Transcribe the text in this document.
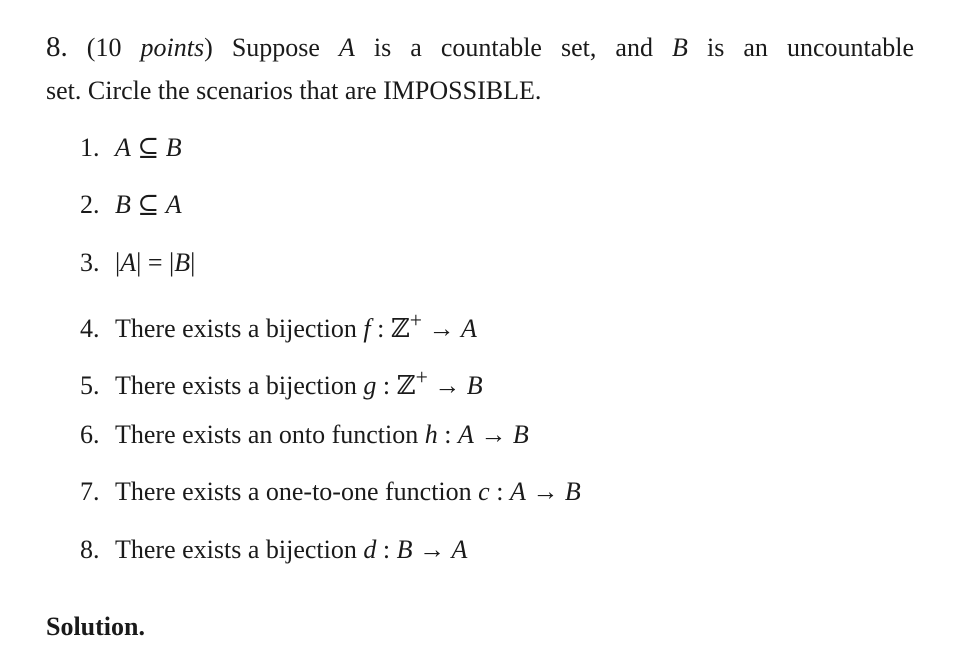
8. (10 points) Suppose A is a countable set, and B is an uncountable
set. Circle the scenarios that are IMPOSSIBLE.
1. A ⊆ B
2. B ⊆ A
3. |A| = |B|
4. There exists a bijection f : ℤ+ → A
5. There exists a bijection g : ℤ+ → B
6. There exists an onto function h : A → B
7. There exists a one-to-one function c : A → B
8. There exists a bijection d : B → A
Solution.
